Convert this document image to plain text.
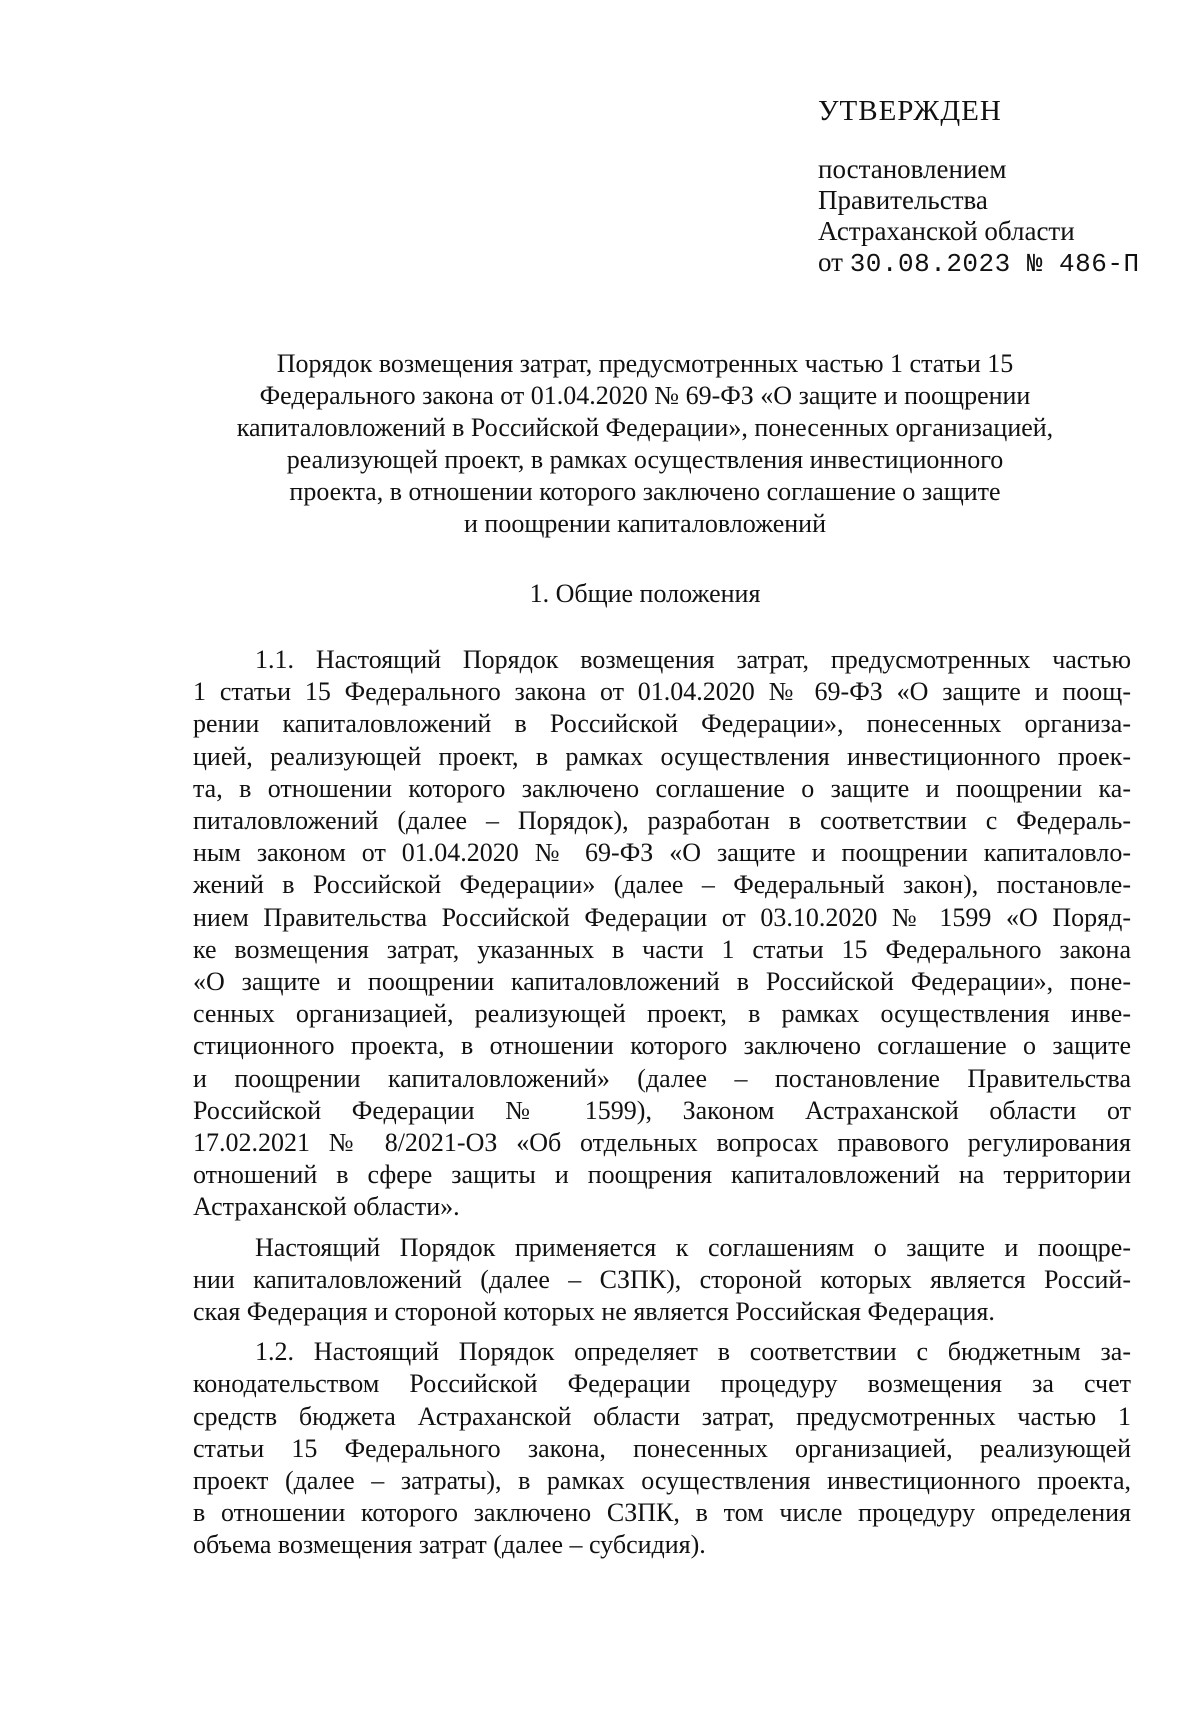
УТВЕРЖДЕН

постановлением

Правительства

Астраханской области

от 30.08.2023 № 486-П

Порядок возмещения затрат, предусмотренных частью 1 статьи 15
Федерального закона от 01.04.2020 № 69-ФЗ «О защите и поощрении
капиталовложений в Российской Федерации», понесенных организацией,
реализующей проект, в рамках осуществления инвестиционного
проекта, в отношении которого заключено соглашение о защите
и поощрении капиталовложений
1. Общие положения
1.1. Настоящий Порядок возмещения затрат, предусмотренных частью
1 статьи 15 Федерального закона от 01.04.2020 № 69-ФЗ «О защите и поощ-
рении капиталовложений в Российской Федерации», понесенных организа-
цией, реализующей проект, в рамках осуществления инвестиционного проек-
та, в отношении которого заключено соглашение о защите и поощрении ка-
питаловложений (далее – Порядок), разработан в соответствии с Федераль-
ным законом от 01.04.2020 № 69-ФЗ «О защите и поощрении капиталовло-
жений в Российской Федерации» (далее – Федеральный закон), постановле-
нием Правительства Российской Федерации от 03.10.2020 № 1599 «О Поряд-
ке возмещения затрат, указанных в части 1 статьи 15 Федерального закона
«О защите и поощрении капиталовложений в Российской Федерации», поне-
сенных организацией, реализующей проект, в рамках осуществления инве-
стиционного проекта, в отношении которого заключено соглашение о защите
и поощрении капиталовложений» (далее – постановление Правительства
Российской Федерации № 1599), Законом Астраханской области от
17.02.2021 № 8/2021-ОЗ «Об отдельных вопросах правового регулирования
отношений в сфере защиты и поощрения капиталовложений на территории
Астраханской области».
Настоящий Порядок применяется к соглашениям о защите и поощре-
нии капиталовложений (далее – СЗПК), стороной которых является Россий-
ская Федерация и стороной которых не является Российская Федерация.
1.2. Настоящий Порядок определяет в соответствии с бюджетным за-
конодательством Российской Федерации процедуру возмещения за счет
средств бюджета Астраханской области затрат, предусмотренных частью 1
статьи 15 Федерального закона, понесенных организацией, реализующей
проект (далее – затраты), в рамках осуществления инвестиционного проекта,
в отношении которого заключено СЗПК, в том числе процедуру определения
объема возмещения затрат (далее – субсидия).
